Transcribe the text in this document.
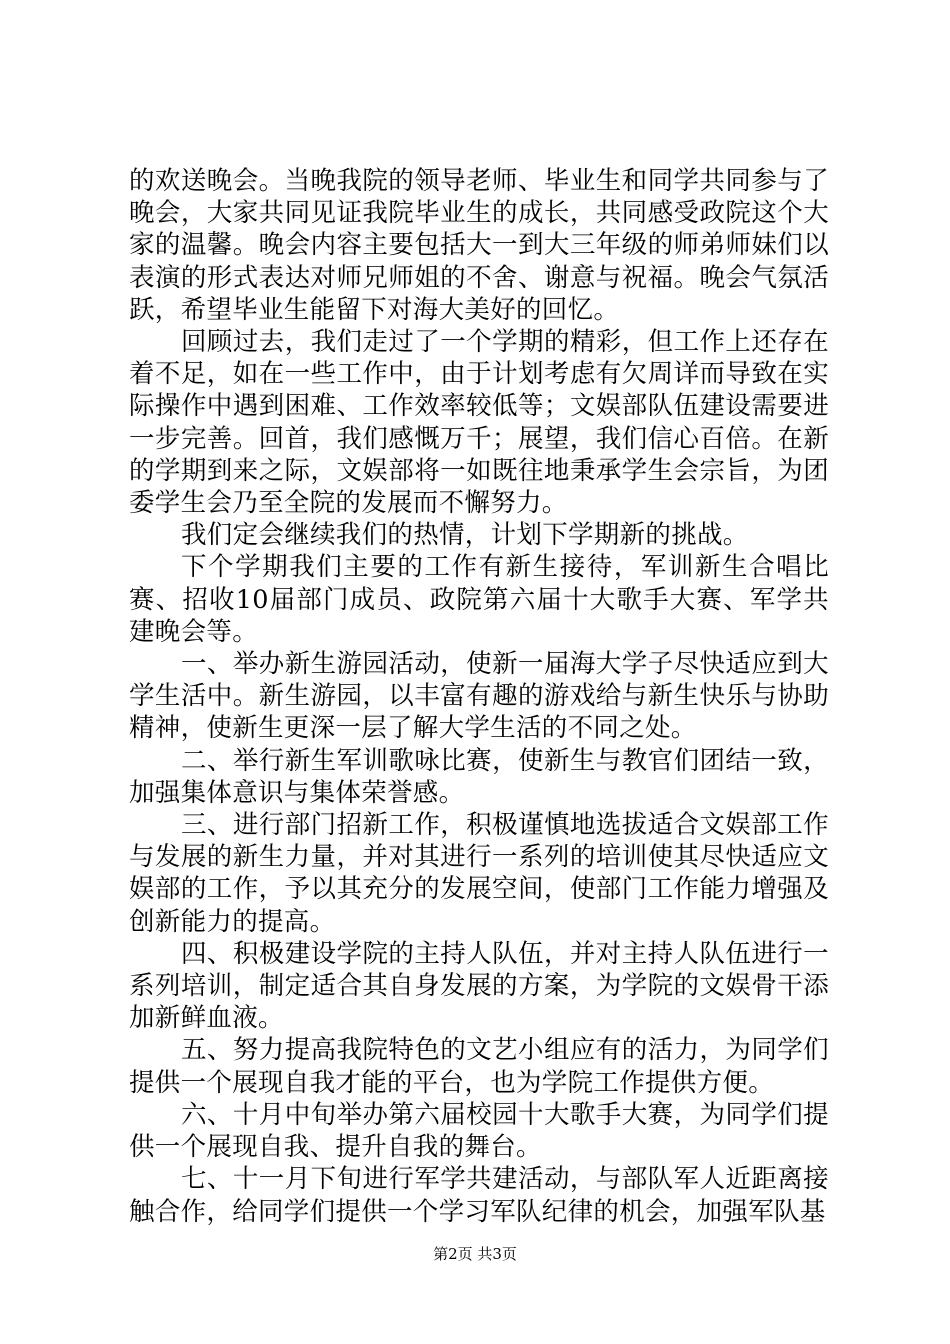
的欢送晚会。当晚我院的领导老师、毕业生和同学共同参与了晚会，大家共同见证我院毕业生的成长，共同感受政院这个大家的温馨。晚会内容主要包括大一到大三年级的师弟师妹们以表演的形式表达对师兄师姐的不舍、谢意与祝福。晚会气氛活跃，希望毕业生能留下对海大美好的回忆。

回顾过去，我们走过了一个学期的精彩，但工作上还存在着不足，如在一些工作中，由于计划考虑有欠周详而导致在实际操作中遇到困难、工作效率较低等；文娱部队伍建设需要进一步完善。回首，我们感慨万千；展望，我们信心百倍。在新的学期到来之际，文娱部将一如既往地秉承学生会宗旨，为团委学生会乃至全院的发展而不懈努力。

我们定会继续我们的热情，计划下学期新的挑战。

下个学期我们主要的工作有新生接待，军训新生合唱比赛、招收10届部门成员、政院第六届十大歌手大赛、军学共建晚会等。

一、举办新生游园活动，使新一届海大学子尽快适应到大学生活中。新生游园，以丰富有趣的游戏给与新生快乐与协助精神，使新生更深一层了解大学生活的不同之处。

二、举行新生军训歌咏比赛，使新生与教官们团结一致，加强集体意识与集体荣誉感。

三、进行部门招新工作，积极谨慎地选拔适合文娱部工作与发展的新生力量，并对其进行一系列的培训使其尽快适应文娱部的工作，予以其充分的发展空间，使部门工作能力增强及创新能力的提高。

四、积极建设学院的主持人队伍，并对主持人队伍进行一系列培训，制定适合其自身发展的方案，为学院的文娱骨干添加新鲜血液。

五、努力提高我院特色的文艺小组应有的活力，为同学们提供一个展现自我才能的平台，也为学院工作提供方便。

六、十月中旬举办第六届校园十大歌手大赛，为同学们提供一个展现自我、提升自我的舞台。

七、十一月下旬进行军学共建活动，与部队军人近距离接触合作，给同学们提供一个学习军队纪律的机会，加强军队基

第2页 共3页
